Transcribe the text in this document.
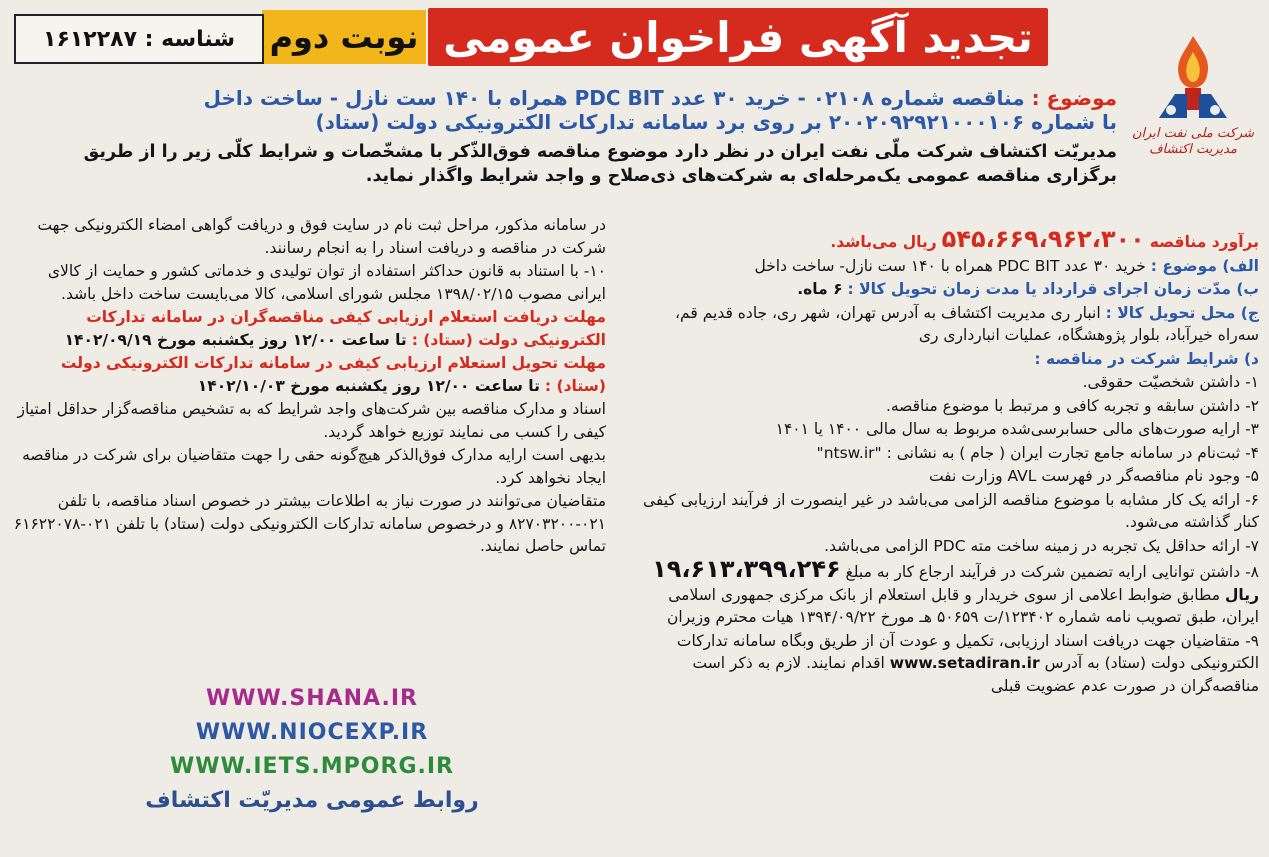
تجدید آگهی فراخوان عمومی
نوبت دوم
شناسه : ۱۶۱۲۲۸۷
شرکت ملی نفت ایران
مدیریت اکتشاف
موضوع : مناقصه شماره ۰۲۱۰۸ - خرید ۳۰ عدد PDC BIT همراه با ۱۴۰ ست نازل - ساخت داخل
با شماره ۲۰۰۲۰۹۲۹۲۱۰۰۰۱۰۶ بر روی برد سامانه تدارکات الکترونیکی دولت (ستاد)
مدیریّت اکتشاف شرکت ملّی نفت ایران در نظر دارد موضوع مناقصه فوق‌الذّکر با مشخّصات و شرایط کلّی زیر را از طریق برگزاری مناقصه عمومی یک‌مرحله‌ای به شرکت‌های ذی‌صلاح و واجد شرایط واگذار نماید.
برآورد مناقصه ۵۴۵،۶۶۹،۹۶۲،۳۰۰ ریال می‌باشد.
الف) موضوع : خرید ۳۰ عدد PDC BIT همراه با ۱۴۰ ست نازل- ساخت داخل
ب) مدّت زمان اجرای قرارداد یا مدت زمان تحویل کالا : ۶ ماه.
ج) محل تحویل کالا : انبار ری مدیریت اکتشاف به آدرس تهران، شهر ری، جاده قدیم قم، سه‌راه خیرآباد، بلوار پژوهشگاه، عملیات انبارداری ری
د) شرایط شرکت در مناقصه :
۱- داشتن شخصیّت حقوقی.
۲- داشتن سابقه و تجربه کافی و مرتبط با موضوع مناقصه.
۳- ارایه صورت‌های مالی حسابرسی‌شده مربوط به سال مالی ۱۴۰۰ یا ۱۴۰۱
۴- ثبت‌نام در سامانه جامع تجارت ایران ( جام ) به نشانی : "ntsw.ir"
۵- وجود نام مناقصه‌گر در فهرست AVL وزارت نفت
۶- ارائه یک کار مشابه با موضوع مناقصه الزامی می‌باشد در غیر اینصورت از فرآیند ارزیابی کیفی کنار گذاشته می‌شود.
۷- ارائه حداقل یک تجربه در زمینه ساخت مته PDC الزامی می‌باشد.
۸- داشتن توانایی ارایه تضمین شرکت در فرآیند ارجاع کار به مبلغ ۱۹،۶۱۳،۳۹۹،۲۴۶ ریال مطابق ضوابط اعلامی از سوی خریدار و قابل استعلام از بانک مرکزی جمهوری اسلامی ایران، طبق تصویب نامه شماره ۱۲۳۴۰۲/ت ۵۰۶۵۹ هـ مورخ ۱۳۹۴/۰۹/۲۲ هیات محترم وزیران
۹- متقاضیان جهت دریافت اسناد ارزیابی، تکمیل و عودت آن از طریق وبگاه سامانه تدارکات الکترونیکی دولت (ستاد) به آدرس www.setadiran.ir اقدام نمایند. لازم به ذکر است مناقصه‌گران در صورت عدم عضویت قبلی
در سامانه مذکور، مراحل ثبت نام در سایت فوق و دریافت گواهی امضاء الکترونیکی جهت شرکت در مناقصه و دریافت اسناد را به انجام رسانند.
۱۰- با استناد به قانون حداکثر استفاده از توان تولیدی و خدماتی کشور و حمایت از کالای ایرانی مصوب ۱۳۹۸/۰۲/۱۵ مجلس شورای اسلامی، کالا می‌بایست ساخت داخل باشد.
مهلت دریافت استعلام ارزیابی کیفی مناقصه‌گران در سامانه تدارکات الکترونیکی دولت (ستاد) : تا ساعت ۱۲/۰۰ روز یکشنبه مورخ ۱۴۰۲/۰۹/۱۹
مهلت تحویل استعلام ارزیابی کیفی در سامانه تدارکات الکترونیکی دولت (ستاد) : تا ساعت ۱۲/۰۰ روز یکشنبه مورخ ۱۴۰۲/۱۰/۰۳
اسناد و مدارک مناقصه بین شرکت‌های واجد شرایط که به تشخیص مناقصه‌گزار حداقل امتیاز کیفی را کسب می نمایند توزیع خواهد گردید.
بدیهی است ارایه مدارک فوق‌الذکر هیچ‌گونه حقی را جهت متقاضیان برای شرکت در مناقصه ایجاد نخواهد کرد.
متقاضیان می‌توانند در صورت نیاز به اطلاعات بیشتر در خصوص اسناد مناقصه، با تلفن ۰۲۱-۸۲۷۰۳۲۰۰ و درخصوص سامانه تدارکات الکترونیکی دولت (ستاد) با تلفن ۰۲۱-۶۱۶۲۲۰۷۸ تماس حاصل نمایند.
WWW.SHANA.IR
WWW.NIOCEXP.IR
WWW.IETS.MPORG.IR
روابط عمومی مدیریّت اکتشاف
